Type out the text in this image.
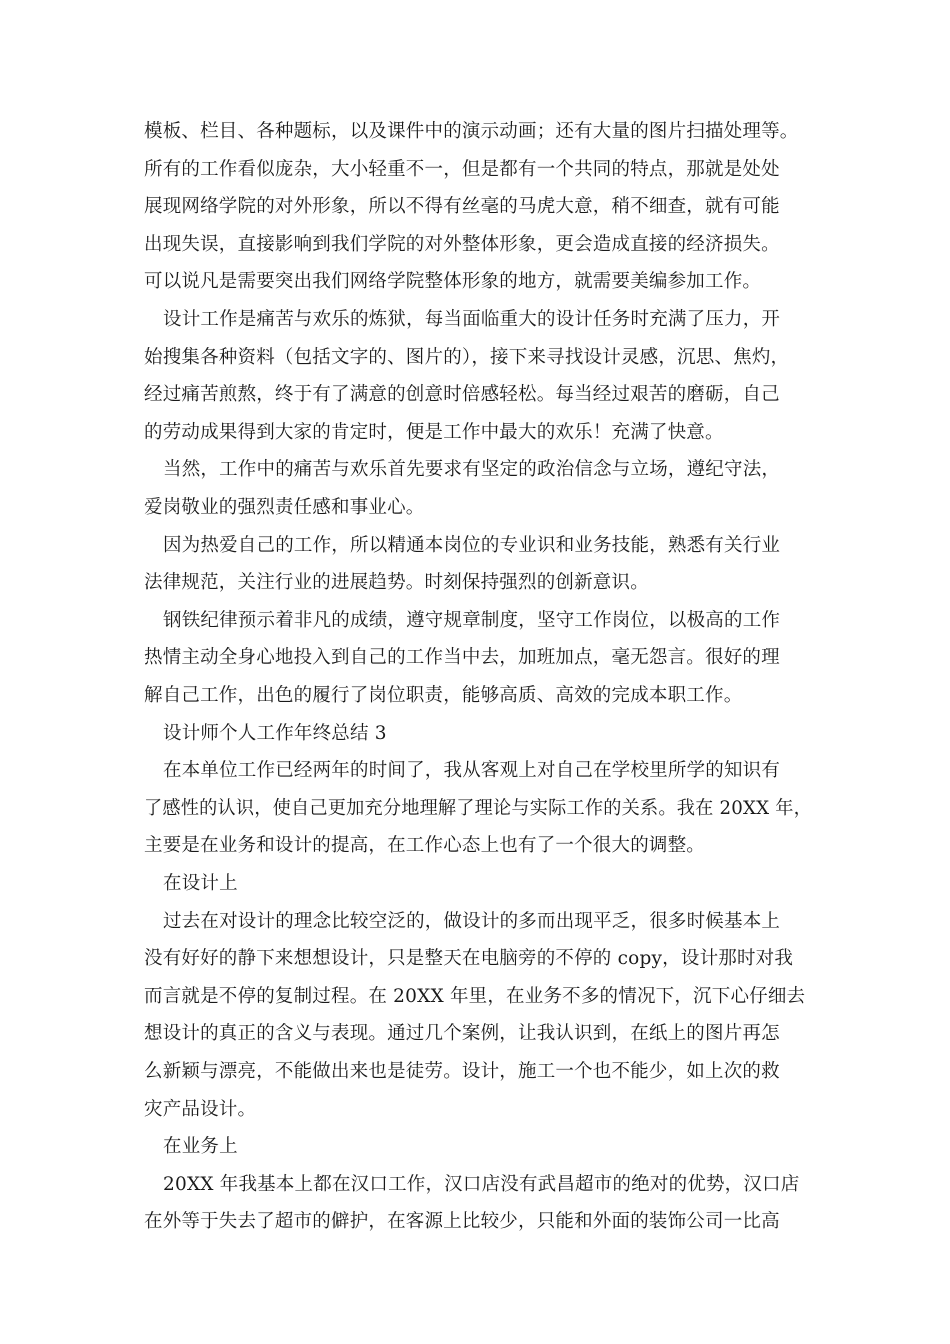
模板、栏目、各种题标，以及课件中的演示动画；还有大量的图片扫描处理等。
所有的工作看似庞杂，大小轻重不一，但是都有一个共同的特点，那就是处处
展现网络学院的对外形象，所以不得有丝毫的马虎大意，稍不细查，就有可能
出现失误，直接影响到我们学院的对外整体形象，更会造成直接的经济损失。
可以说凡是需要突出我们网络学院整体形象的地方，就需要美编参加工作。
设计工作是痛苦与欢乐的炼狱，每当面临重大的设计任务时充满了压力，开
始搜集各种资料（包括文字的、图片的），接下来寻找设计灵感，沉思、焦灼，
经过痛苦煎熬，终于有了满意的创意时倍感轻松。每当经过艰苦的磨砺，自己
的劳动成果得到大家的肯定时，便是工作中最大的欢乐！充满了快意。
当然，工作中的痛苦与欢乐首先要求有坚定的政治信念与立场，遵纪守法，
爱岗敬业的强烈责任感和事业心。
因为热爱自己的工作，所以精通本岗位的专业识和业务技能，熟悉有关行业
法律规范，关注行业的进展趋势。时刻保持强烈的创新意识。
钢铁纪律预示着非凡的成绩，遵守规章制度，坚守工作岗位，以极高的工作
热情主动全身心地投入到自己的工作当中去，加班加点，毫无怨言。很好的理
解自己工作，出色的履行了岗位职责，能够高质、高效的完成本职工作。
设计师个人工作年终总结 3
在本单位工作已经两年的时间了，我从客观上对自己在学校里所学的知识有
了感性的认识，使自己更加充分地理解了理论与实际工作的关系。我在 20XX 年，
主要是在业务和设计的提高，在工作心态上也有了一个很大的调整。
在设计上
过去在对设计的理念比较空泛的，做设计的多而出现平乏，很多时候基本上
没有好好的静下来想想设计，只是整天在电脑旁的不停的 copy，设计那时对我
而言就是不停的复制过程。在 20XX 年里，在业务不多的情况下，沉下心仔细去
想设计的真正的含义与表现。通过几个案例，让我认识到，在纸上的图片再怎
么新颖与漂亮，不能做出来也是徒劳。设计，施工一个也不能少，如上次的救
灾产品设计。
在业务上
20XX 年我基本上都在汉口工作，汉口店没有武昌超市的绝对的优势，汉口店
在外等于失去了超市的僻护，在客源上比较少，只能和外面的装饰公司一比高
